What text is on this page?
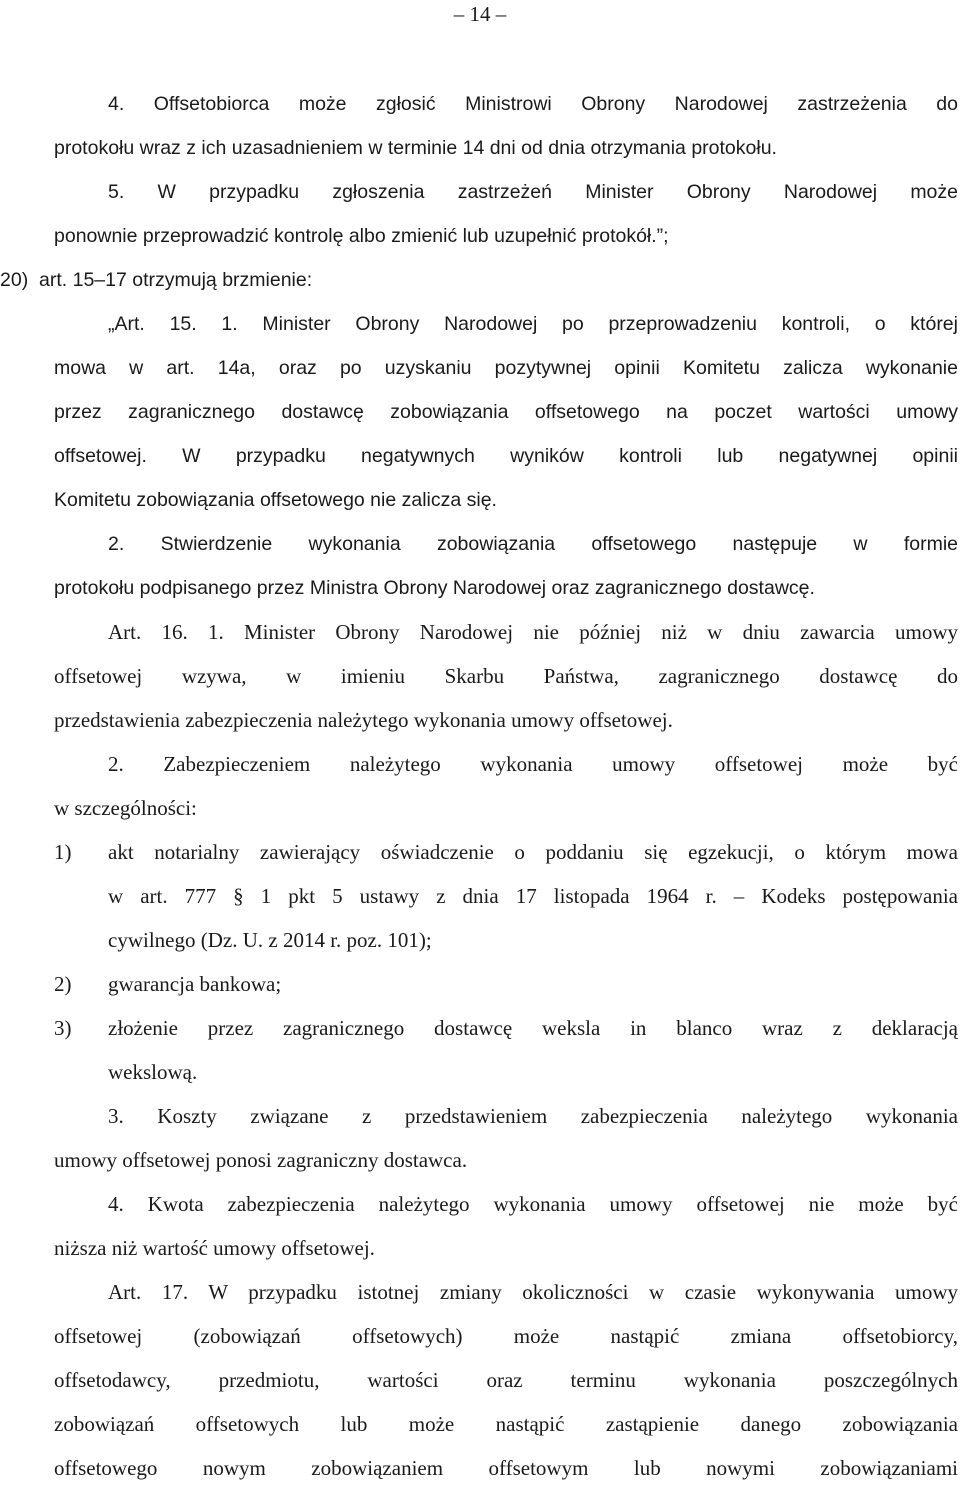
– 14 –
4. Offsetobiorca może zgłosić Ministrowi Obrony Narodowej zastrzeżenia do
protokołu wraz z ich uzasadnieniem w terminie 14 dni od dnia otrzymania protokołu.
5. W przypadku zgłoszenia zastrzeżeń Minister Obrony Narodowej może
ponownie przeprowadzić kontrolę albo zmienić lub uzupełnić protokół.”;
20)  art. 15–17 otrzymują brzmienie:
„Art. 15. 1. Minister Obrony Narodowej po przeprowadzeniu kontroli, o której
mowa w art. 14a, oraz po uzyskaniu pozytywnej opinii Komitetu zalicza wykonanie
przez zagranicznego dostawcę zobowiązania offsetowego na poczet wartości umowy
offsetowej. W przypadku negatywnych wyników kontroli lub negatywnej opinii
Komitetu zobowiązania offsetowego nie zalicza się.
2. Stwierdzenie wykonania zobowiązania offsetowego następuje w formie
protokołu podpisanego przez Ministra Obrony Narodowej oraz zagranicznego dostawcę.
Art. 16. 1. Minister Obrony Narodowej nie później niż w dniu zawarcia umowy
offsetowej wzywa, w imieniu Skarbu Państwa, zagranicznego dostawcę do
przedstawienia zabezpieczenia należytego wykonania umowy offsetowej.
2. Zabezpieczeniem należytego wykonania umowy offsetowej może być
w szczególności:
1)	akt notarialny zawierający oświadczenie o poddaniu się egzekucji, o którym mowa
w art. 777 § 1 pkt 5 ustawy z dnia 17 listopada 1964 r. – Kodeks postępowania
cywilnego (Dz. U. z 2014 r. poz. 101);
2)	gwarancja bankowa;
3)	złożenie przez zagranicznego dostawcę weksla in blanco wraz z deklaracją
wekslową.
3. Koszty związane z przedstawieniem zabezpieczenia należytego wykonania
umowy offsetowej ponosi zagraniczny dostawca.
4. Kwota zabezpieczenia należytego wykonania umowy offsetowej nie może być
niższa niż wartość umowy offsetowej.
Art. 17. W przypadku istotnej zmiany okoliczności w czasie wykonywania umowy
offsetowej (zobowiązań offsetowych) może nastąpić zmiana offsetobiorcy,
offsetodawcy, przedmiotu, wartości oraz terminu wykonania poszczególnych
zobowiązań offsetowych lub może nastąpić zastąpienie danego zobowiązania
offsetowego nowym zobowiązaniem offsetowym lub nowymi zobowiązaniami
